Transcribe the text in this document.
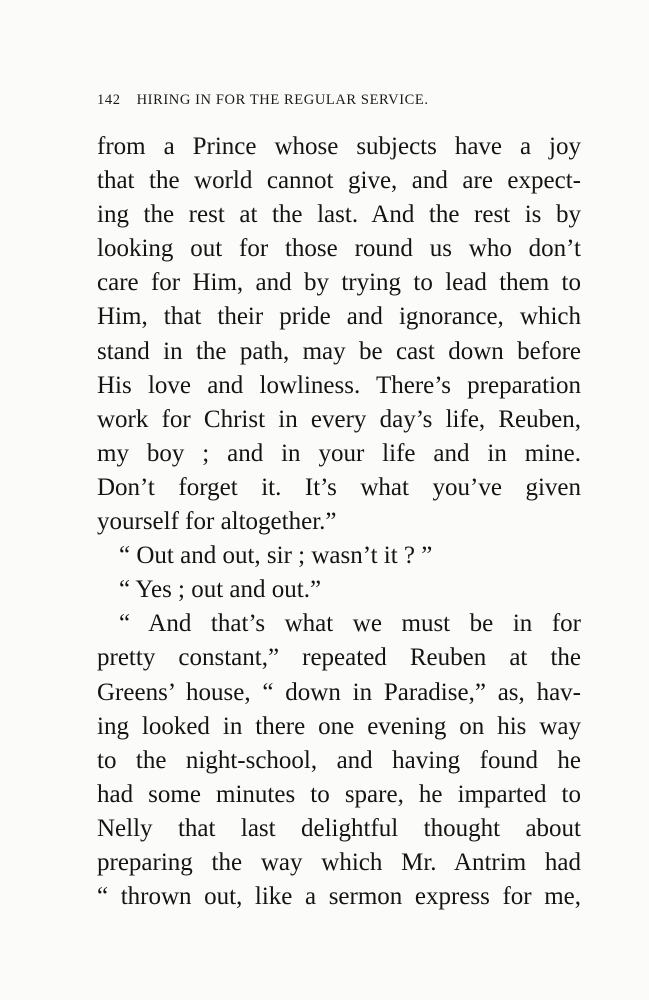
142 HIRING IN FOR THE REGULAR SERVICE.
from a Prince whose subjects have a joy
that the world cannot give, and are expect-
ing the rest at the last. And the rest is by
looking out for those round us who don’t
care for Him, and by trying to lead them to
Him, that their pride and ignorance, which
stand in the path, may be cast down before
His love and lowliness. There’s preparation
work for Christ in every day’s life, Reuben,
my boy ; and in your life and in mine.
Don’t forget it. It’s what you’ve given
yourself for altogether.”
“ Out and out, sir ; wasn’t it ? ”
“ Yes ; out and out.”
“ And that’s what we must be in for
pretty constant,” repeated Reuben at the
Greens’ house, “ down in Paradise,” as, hav-
ing looked in there one evening on his way
to the night-school, and having found he
had some minutes to spare, he imparted to
Nelly that last delightful thought about
preparing the way which Mr. Antrim had
“ thrown out, like a sermon express for me,
